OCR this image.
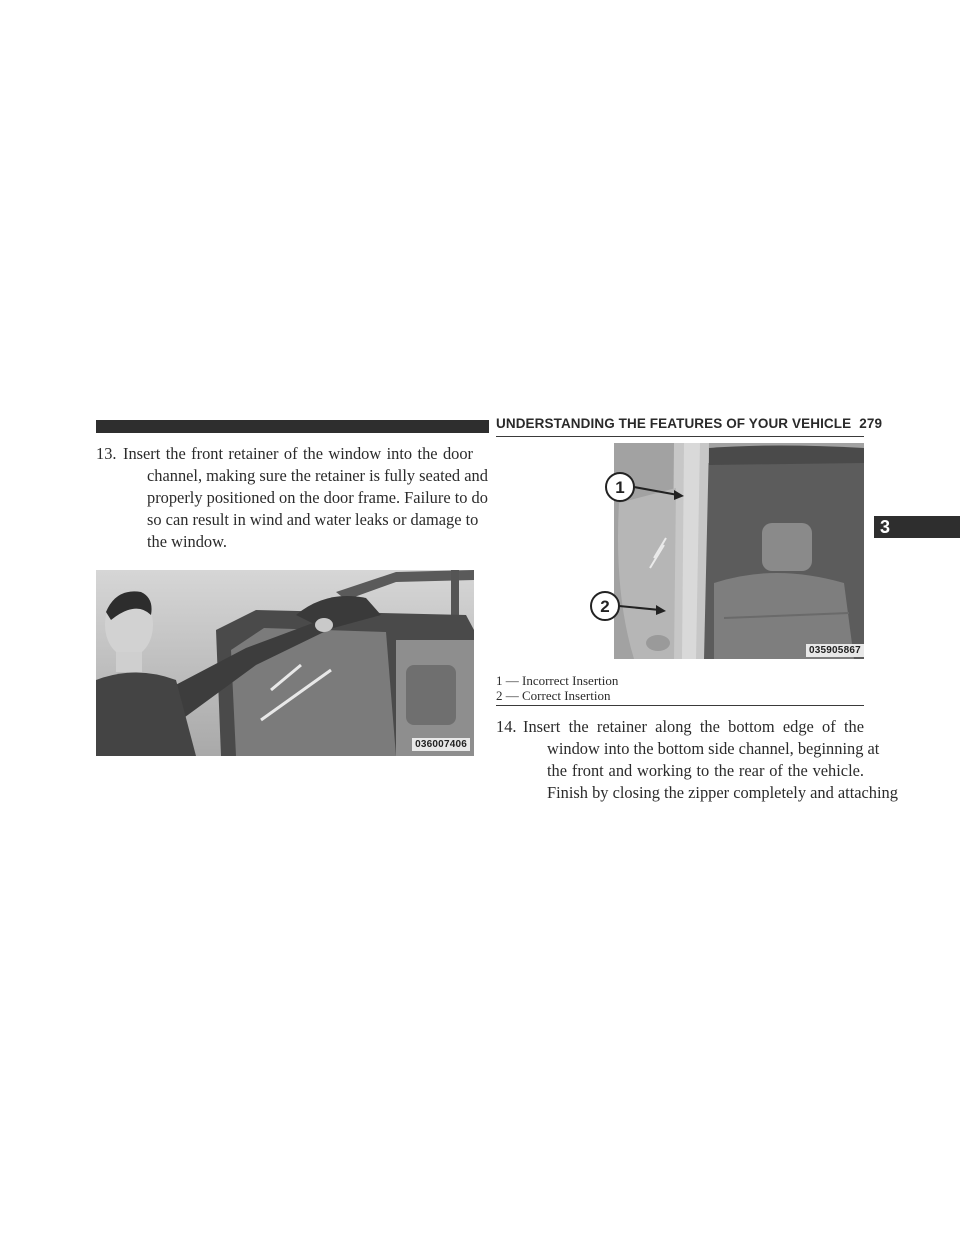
UNDERSTANDING THE FEATURES OF YOUR VEHICLE 279
3
13. Insert the front retainer of the window into the door
channel, making sure the retainer is fully seated and
properly positioned on the door frame. Failure to do
so can result in wind and water leaks or damage to
the window.
036007406
1
2
035905867
1 — Incorrect Insertion
2 — Correct Insertion
14. Insert the retainer along the bottom edge of the
window into the bottom side channel, beginning at
the front and working to the rear of the vehicle.
Finish by closing the zipper completely and attaching
